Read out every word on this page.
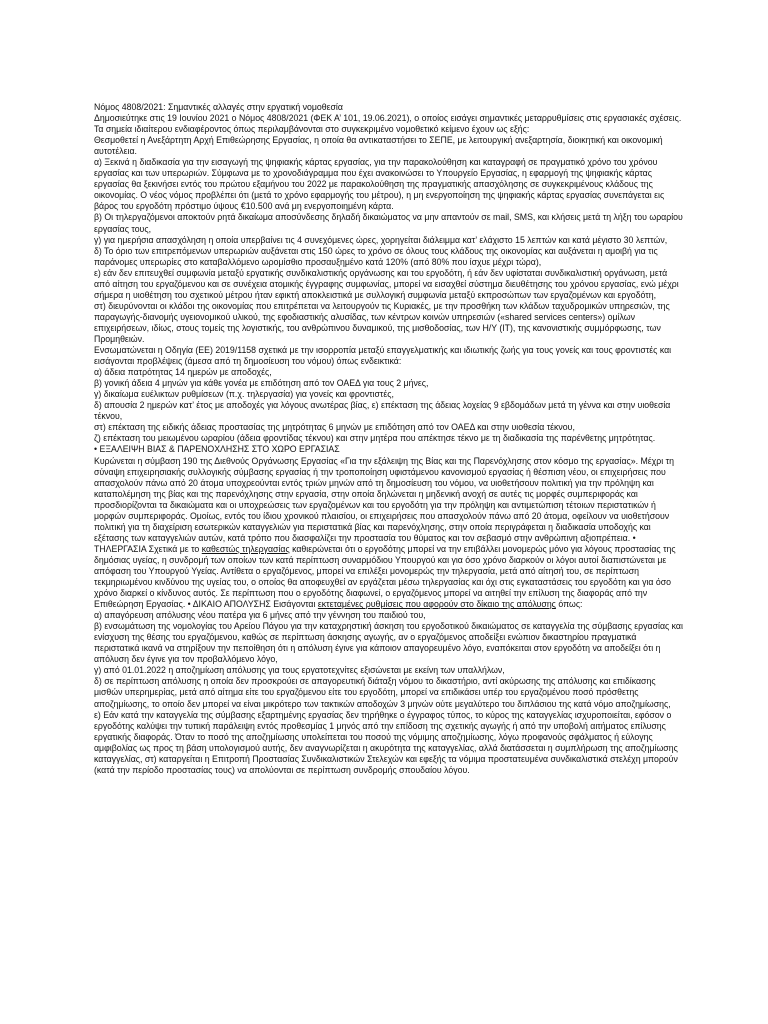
Νόμος 4808/2021: Σημαντικές αλλαγές στην εργατική νομοθεσία

Δημοσιεύτηκε στις 19 Ιουνίου 2021 ο Νόμος 4808/2021 (ΦΕΚ Α’ 101, 19.06.2021), ο οποίος εισάγει σημαντικές μεταρρυθμίσεις στις εργασιακές σχέσεις. Τα σημεία ιδιαίτερου ενδιαφέροντος όπως περιλαμβάνονται στο συγκεκριμένο νομοθετικό κείμενο έχουν ως εξής:

Θεσμοθετεί η Ανεξάρτητη Αρχή Επιθεώρησης Εργασίας, η οποία θα αντικαταστήσει το ΣΕΠΕ, με λειτουργική ανεξαρτησία, διοικητική και οικονομική αυτοτέλεια.

α) Ξεκινά η διαδικασία για την εισαγωγή της ψηφιακής κάρτας εργασίας, για την παρακολούθηση και καταγραφή σε πραγματικό χρόνο του χρόνου εργασίας και των υπερωριών. Σύμφωνα με το χρονοδιάγραμμα που έχει ανακοινώσει το Υπουργείο Εργασίας, η εφαρμογή της ψηφιακής κάρτας εργασίας θα ξεκινήσει εντός του πρώτου εξαμήνου του 2022 με παρακολούθηση της πραγματικής απασχόλησης σε συγκεκριμένους κλάδους της οικονομίας. Ο νέος νόμος προβλέπει ότι (μετά το χρόνο εφαρμογής του μέτρου), η μη ενεργοποίηση της ψηφιακής κάρτας εργασίας συνεπάγεται εις βάρος του εργοδότη πρόστιμο ύψους €10.500 ανά μη ενεργοποιημένη κάρτα.

β) Οι τηλεργαζόμενοι αποκτούν ρητά δικαίωμα αποσύνδεσης δηλαδή δικαιώματος να μην απαντούν σε mail, SMS, και κλήσεις μετά τη λήξη του ωραρίου εργασίας τους,

γ) για ημερήσια απασχόληση η οποία υπερβαίνει τις 4 συνεχόμενες ώρες, χορηγείται διάλειμμα κατ’ ελάχιστο 15 λεπτών και κατά μέγιστο 30 λεπτών,

δ) Το όριο των επιτρεπόμενων υπερωριών αυξάνεται στις 150 ώρες το χρόνο σε όλους τους κλάδους της οικονομίας και αυξάνεται η αμοιβή για τις παράνομες υπερωρίες στο καταβαλλόμενο ωρομίσθιο προσαυξημένο κατά 120% (από 80% που ίσχυε μέχρι τώρα),

ε) εάν δεν επιτευχθεί συμφωνία μεταξύ εργατικής συνδικαλιστικής οργάνωσης και του εργοδότη, ή εάν δεν υφίσταται συνδικαλιστική οργάνωση, μετά από αίτηση του εργαζόμενου και σε συνέχεια ατομικής έγγραφης συμφωνίας, μπορεί να εισαχθεί σύστημα διευθέτησης του χρόνου εργασίας, ενώ μέχρι σήμερα η υιοθέτηση του σχετικού μέτρου ήταν εφικτή αποκλειστικά με συλλογική συμφωνία μεταξύ εκπροσώπων των εργαζομένων και εργοδότη,

στ) διευρύνονται οι κλάδοι της οικονομίας που επιτρέπεται να λειτουργούν τις Κυριακές, με την προσθήκη των κλάδων ταχυδρομικών υπηρεσιών, της παραγωγής-διανομής υγειονομικού υλικού, της εφοδιαστικής αλυσίδας, των κέντρων κοινών υπηρεσιών («shared services centers») ομίλων επιχειρήσεων, ιδίως, στους τομείς της λογιστικής, του ανθρώπινου δυναμικού, της μισθοδοσίας, των Η/Υ (IT), της κανονιστικής συμμόρφωσης, των Προμηθειών.

Ενσωματώνεται η Οδηγία (ΕΕ) 2019/1158 σχετικά με την ισορροπία μεταξύ επαγγελματικής και ιδιωτικής ζωής για τους γονείς και τους φροντιστές και εισάγονται προβλέψεις (άμεσα από τη δημοσίευση του νόμου) όπως ενδεικτικά:

α) άδεια πατρότητας 14 ημερών με αποδοχές,

β) γονική άδεια 4 μηνών για κάθε γονέα με επιδότηση από τον ΟΑΕΔ για τους 2 μήνες,

γ) δικαίωμα ευέλικτων ρυθμίσεων (π.χ. τηλεργασία) για γονείς και φροντιστές,

δ) απουσία 2 ημερών κατ’ έτος με αποδοχές για λόγους ανωτέρας βίας, ε) επέκταση της άδειας λοχείας 9 εβδομάδων μετά τη γέννα και στην υιοθεσία τέκνου,

στ) επέκταση της ειδικής άδειας προστασίας της μητρότητας 6 μηνών με επιδότηση από τον ΟΑΕΔ και στην υιοθεσία τέκνου,

ζ) επέκταση του μειωμένου ωραρίου (άδεια φροντίδας τέκνου) και στην μητέρα που απέκτησε τέκνο με τη διαδικασία της παρένθετης μητρότητας.

• ΕΞΑΛΕΙΨΗ ΒΙΑΣ & ΠΑΡΕΝΟΧΛΗΣΗΣ ΣΤΟ ΧΩΡΟ ΕΡΓΑΣΙΑΣ

Κυρώνεται η σύμβαση 190 της Διεθνούς Οργάνωσης Εργασίας «Για την εξάλειψη της Βίας και της Παρενόχλησης στον κόσμο της εργασίας». Μέχρι τη σύναψη επιχειρησιακής συλλογικής σύμβασης εργασίας ή την τροποποίηση υφιστάμενου κανονισμού εργασίας ή θέσπιση νέου, οι επιχειρήσεις που απασχολούν πάνω από 20 άτομα υποχρεούνται εντός τριών μηνών από τη δημοσίευση του νόμου, να υιοθετήσουν πολιτική για την πρόληψη και καταπολέμηση της βίας και της παρενόχλησης στην εργασία, στην οποία δηλώνεται η μηδενική ανοχή σε αυτές τις μορφές συμπεριφοράς και προσδιορίζονται τα δικαιώματα και οι υποχρεώσεις των εργαζομένων και του εργοδότη για την πρόληψη και αντιμετώπιση τέτοιων περιστατικών ή μορφών συμπεριφοράς. Ομοίως, εντός του ίδιου χρονικού πλαισίου, οι επιχειρήσεις που απασχολούν πάνω από 20 άτομα, οφείλουν να υιοθετήσουν πολιτική για τη διαχείριση εσωτερικών καταγγελιών για περιστατικά βίας και παρενόχλησης, στην οποία περιγράφεται η διαδικασία υποδοχής και εξέτασης των καταγγελιών αυτών, κατά τρόπο που διασφαλίζει την προστασία του θύματος και τον σεβασμό στην ανθρώπινη αξιοπρέπεια. • ΤΗΛΕΡΓΑΣΙΑ Σχετικά με το καθεστώς τηλεργασίας καθιερώνεται ότι ο εργοδότης μπορεί να την επιβάλλει μονομερώς μόνο για λόγους προστασίας της δημόσιας υγείας, η συνδρομή των οποίων των κατά περίπτωση συναρμόδιου Υπουργού και για όσο χρόνο διαρκούν οι λόγοι αυτοί διαπιστώνεται με απόφαση του Υπουργού Υγείας. Αντίθετα ο εργαζόμενος, μπορεί να επιλέξει μονομερώς την τηλεργασία, μετά από αίτησή του, σε περίπτωση τεκμηριωμένου κινδύνου της υγείας του, ο οποίος θα αποφευχθεί αν εργάζεται μέσω τηλεργασίας και όχι στις εγκαταστάσεις του εργοδότη και για όσο χρόνο διαρκεί ο κίνδυνος αυτός. Σε περίπτωση που ο εργοδότης διαφωνεί, ο εργαζόμενος μπορεί να αιτηθεί την επίλυση της διαφοράς από την Επιθεώρηση Εργασίας. • ΔΙΚΑΙΟ ΑΠΟΛΥΣΗΣ Εισάγονται εκτεταμένες ρυθμίσεις που αφορούν στο δίκαιο της απόλυσης όπως:

α) απαγόρευση απόλυσης νέου πατέρα για 6 μήνες από την γέννηση του παιδιού του,

β) ενσωμάτωση της νομολογίας του Αρείου Πάγου για την καταχρηστική άσκηση του εργοδοτικού δικαιώματος σε καταγγελία της σύμβασης εργασίας και ενίσχυση της θέσης του εργαζόμενου, καθώς σε περίπτωση άσκησης αγωγής, αν ο εργαζόμενος αποδείξει ενώπιον δικαστηρίου πραγματικά περιστατικά ικανά να στηρίξουν την πεποίθηση ότι η απόλυση έγινε για κάποιον απαγορευμένο λόγο, εναπόκειται στον εργοδότη να αποδείξει ότι η απόλυση δεν έγινε για τον προβαλλόμενο λόγο,

γ) από 01.01.2022 η αποζημίωση απόλυσης για τους εργατοτεχνίτες εξισώνεται με εκείνη των υπαλλήλων,

δ) σε περίπτωση απόλυσης η οποία δεν προσκρούει σε απαγορευτική διάταξη νόμου το δικαστήριο, αντί ακύρωσης της απόλυσης και επιδίκασης μισθών υπερημερίας, μετά από αίτημα είτε του εργαζόμενου είτε του εργοδότη, μπορεί να επιδικάσει υπέρ του εργαζομένου ποσό πρόσθετης αποζημίωσης, το οποίο δεν μπορεί να είναι μικρότερο των τακτικών αποδοχών 3 μηνών ούτε μεγαλύτερο του διπλάσιου της κατά νόμο αποζημίωσης,

ε) Εάν κατά την καταγγελία της σύμβασης εξαρτημένης εργασίας δεν τηρήθηκε ο έγγραφος τύπος, το κύρος της καταγγελίας ισχυροποιείται, εφόσον ο εργοδότης καλύψει την τυπική παράλειψη εντός προθεσμίας 1 μηνός από την επίδοση της σχετικής αγωγής ή από την υποβολή αιτήματος επίλυσης εργατικής διαφοράς. Όταν το ποσό της αποζημίωσης υπολείπεται του ποσού της νόμιμης αποζημίωσης, λόγω προφανούς σφάλματος ή εύλογης αμφιβολίας ως προς τη βάση υπολογισμού αυτής, δεν αναγνωρίζεται η ακυρότητα της καταγγελίας, αλλά διατάσσεται η συμπλήρωση της αποζημίωσης καταγγελίας, στ) καταργείται η Επιτροπή Προστασίας Συνδικαλιστικών Στελεχών και εφεξής τα νόμιμα προστατευμένα συνδικαλιστικά στελέχη μπορούν (κατά την περίοδο προστασίας τους) να απολύονται σε περίπτωση συνδρομής σπουδαίου λόγου.
